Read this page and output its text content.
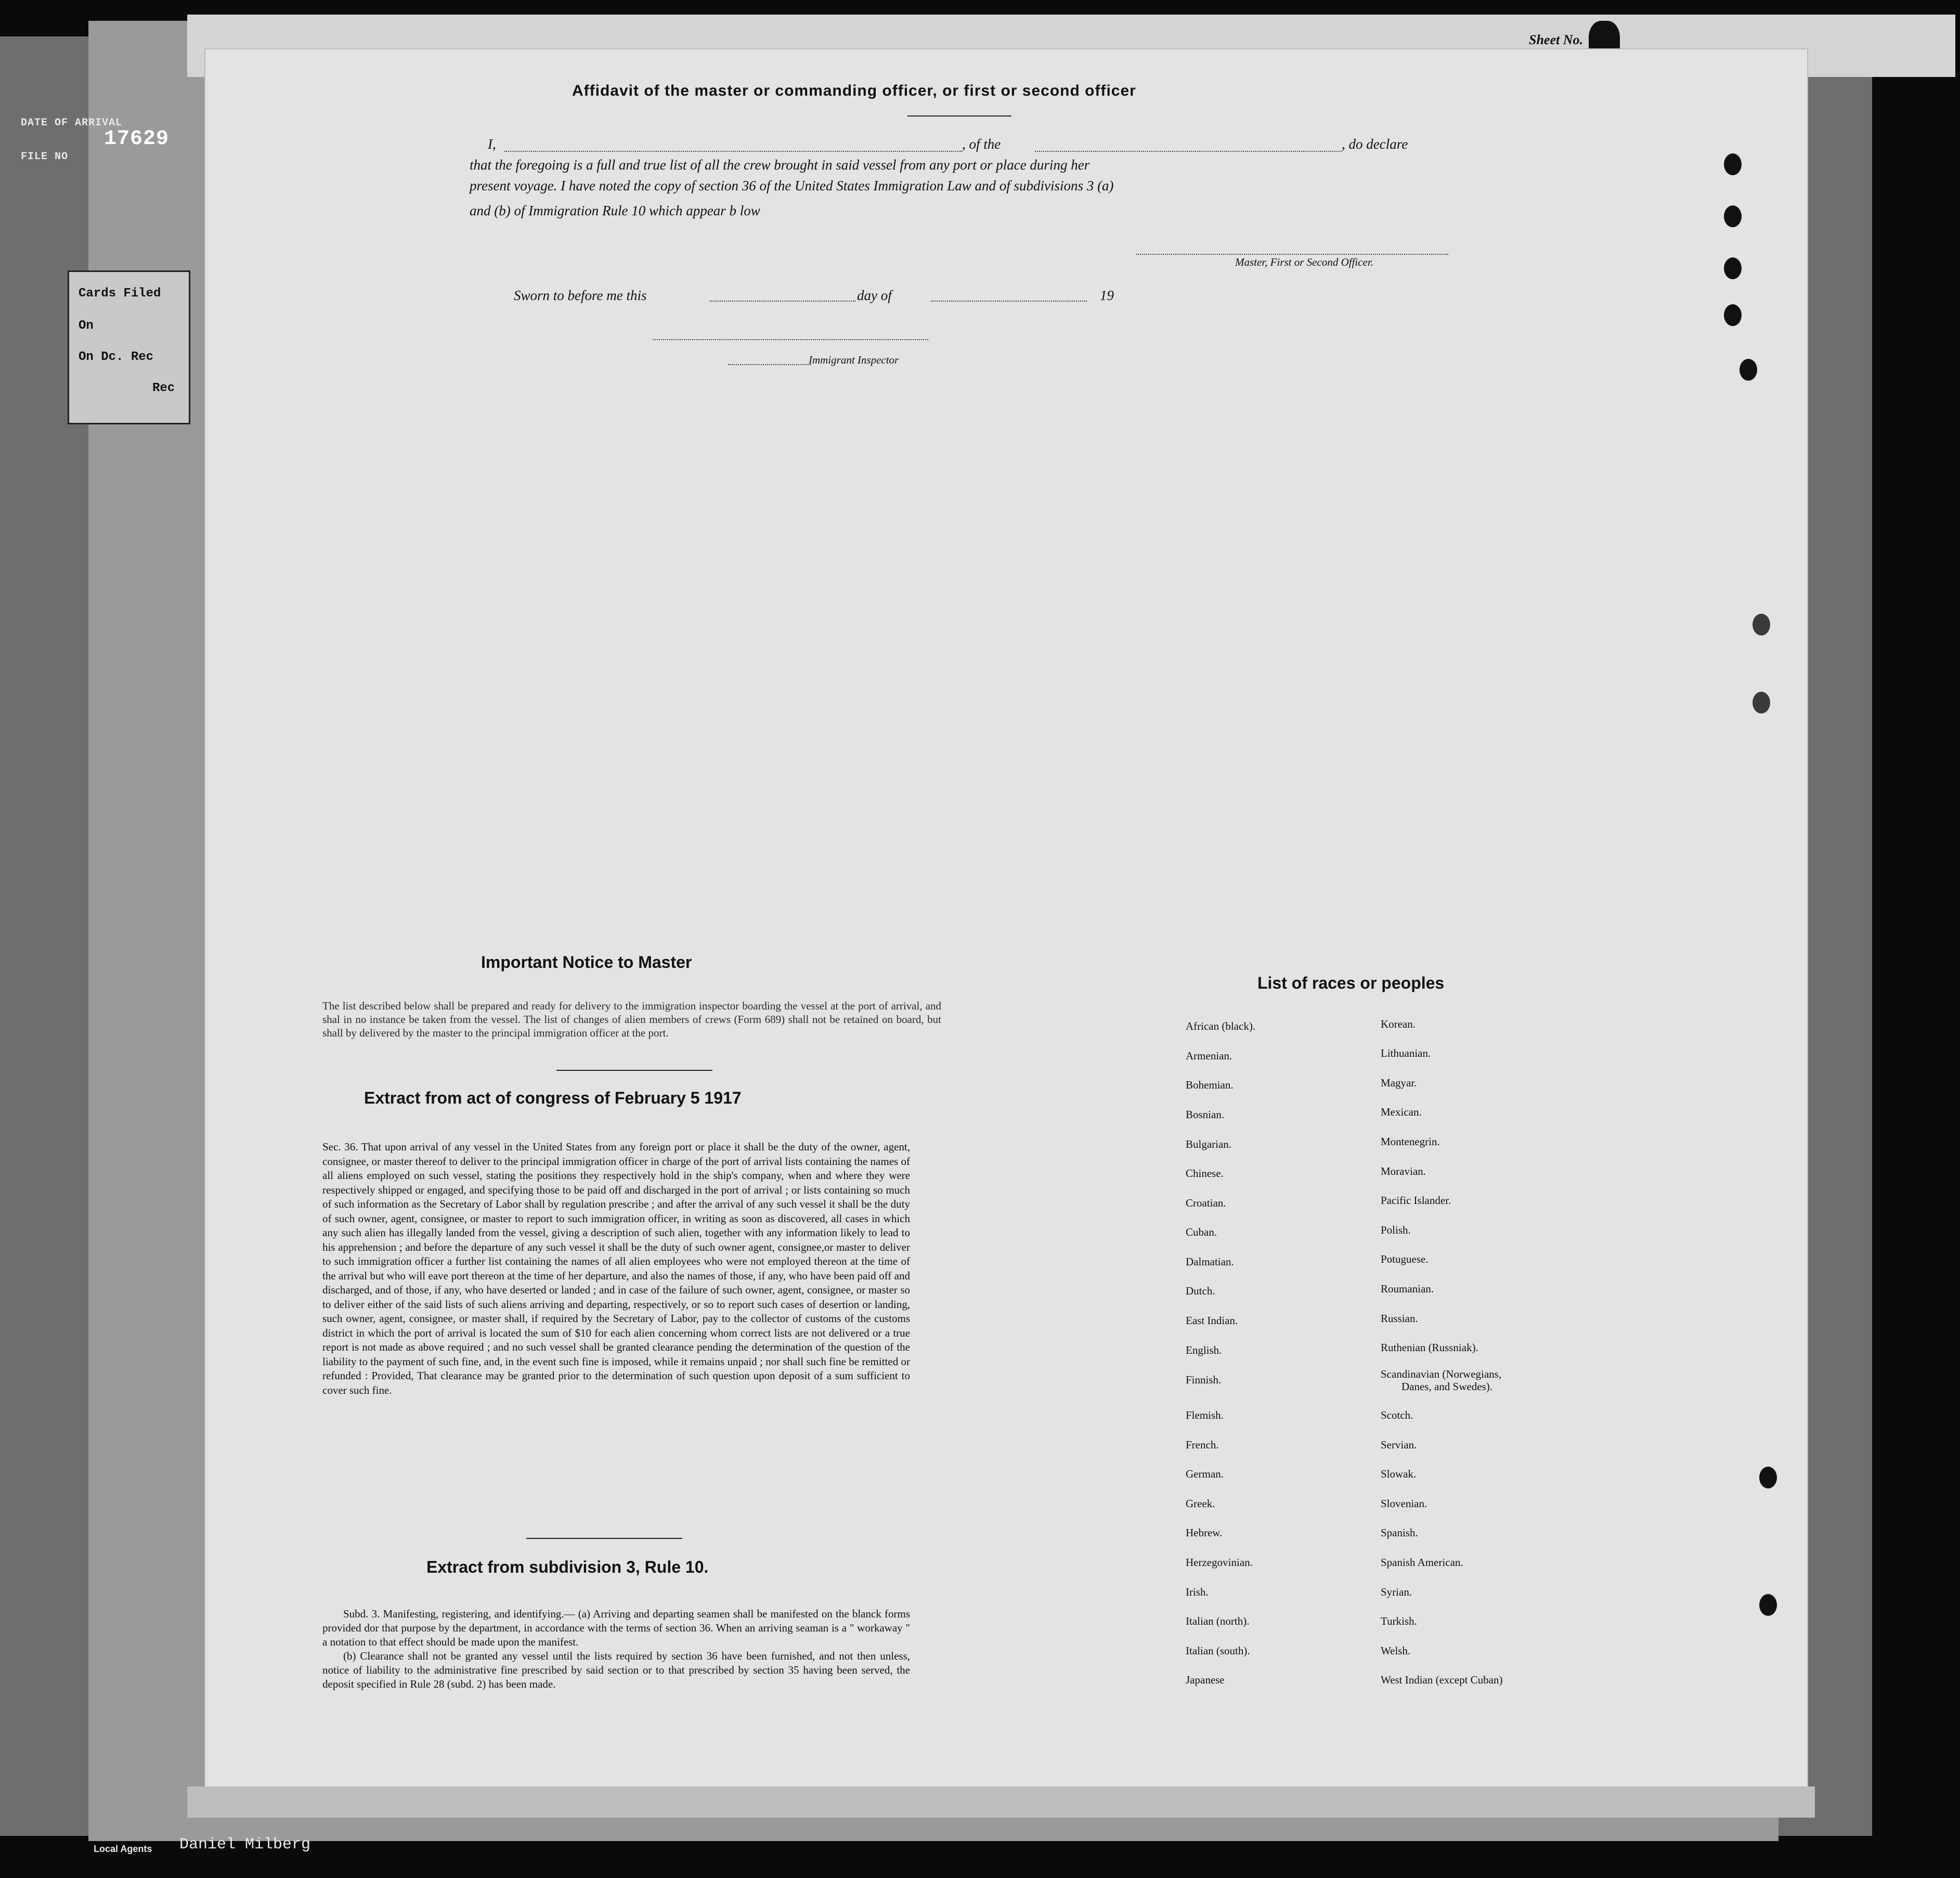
DATE OF ARRIVAL
17629
FILE NO
Cards Filed
On
On Dc. Rec
Rec
Sheet No.
Affidavit of the master or commanding officer, or first or second officer
I,	, of the	, do declare
that the foregoing is a full and true list of all the crew brought in said vessel from any port or place during her
present voyage. I have noted the copy of section 36 of the United States Immigration Law and of subdivisions 3 (a)
and (b) of Immigration Rule 10 which appear b low
Master, First or Second Officer.
Sworn to before me this	day of	19
Immigrant Inspector
Important Notice to Master
The list described below shall be prepared and ready for delivery to the immigration inspector boarding the vessel at the port of arrival, and shal in no instance be taken from the vessel. The list of changes of alien members of crews (Form 689) shall not be retained on board, but shall by delivered by the master to the principal immigration officer at the port.
Extract from act of congress of February 5 1917
Sec. 36. That upon arrival of any vessel in the United States from any foreign port or place it shall be the duty of the owner, agent, consignee, or master thereof to deliver to the principal immigration officer in charge of the port of arrival lists containing the names of all aliens employed on such vessel, stating the positions they respectively hold in the ship's company, when and where they were respectively shipped or engaged, and specifying those to be paid off and discharged in the port of arrival ; or lists containing so much of such information as the Secretary of Labor shall by regulation prescribe ; and after the arrival of any such vessel it shall be the duty of such owner, agent, consignee, or master to report to such immigration officer, in writing as soon as discovered, all cases in which any such alien has illegally landed from the vessel, giving a description of such alien, together with any information likely to lead to his apprehension ; and before the departure of any such vessel it shall be the duty of such owner agent, consignee,or master to deliver to such immigration officer a further list containing the names of all alien employees who were not employed thereon at the time of the arrival but who will eave port thereon at the time of her departure, and also the names of those, if any, who have been paid off and discharged, and of those, if any, who have deserted or landed ; and in case of the failure of such owner, agent, consignee, or master so to deliver either of the said lists of such aliens arriving and departing, respectively, or so to report such cases of desertion or landing, such owner, agent, consignee, or master shall, if required by the Secretary of Labor, pay to the collector of customs of the customs district in which the port of arrival is located the sum of $10 for each alien concerning whom correct lists are not delivered or a true report is not made as above required ; and no such vessel shall be granted clearance pending the determination of the question of the liability to the payment of such fine, and, in the event such fine is imposed, while it remains unpaid ; nor shall such fine be remitted or refunded : Provided, That clearance may be granted prior to the determination of such question upon deposit of a sum sufficient to cover such fine.
Extract from subdivision 3, Rule 10.
Subd. 3. Manifesting, registering, and identifying.— (a) Arriving and departing seamen shall be manifested on the blanck forms provided dor that purpose by the department, in accordance with the terms of section 36. When an arriving seaman is a " workaway " a notation to that effect should be made upon the manifest.
(b) Clearance shall not be granted any vessel until the lists required by section 36 have been furnished, and not then unless, notice of liability to the administrative fine prescribed by said section or to that prescribed by section 35 having been served, the deposit specified in Rule 28 (subd. 2) has been made.
List of races or peoples
African (black).
Armenian.
Bohemian.
Bosnian.
Bulgarian.
Chinese.
Croatian.
Cuban.
Dalmatian.
Dutch.
East Indian.
English.
Finnish.
Flemish.
French.
German.
Greek.
Hebrew.
Herzegovinian.
Irish.
Italian (north).
Italian (south).
Japanese
Korean.
Lithuanian.
Magyar.
Mexican.
Montenegrin.
Moravian.
Pacific Islander.
Polish.
Potuguese.
Roumanian.
Russian.
Ruthenian (Russniak).
Scandinavian (Norwegians,
Danes, and Swedes).
Scotch.
Servian.
Slowak.
Slovenian.
Spanish.
Spanish American.
Syrian.
Turkish.
Welsh.
West Indian (except Cuban)
Local Agents Daniel Milberg
